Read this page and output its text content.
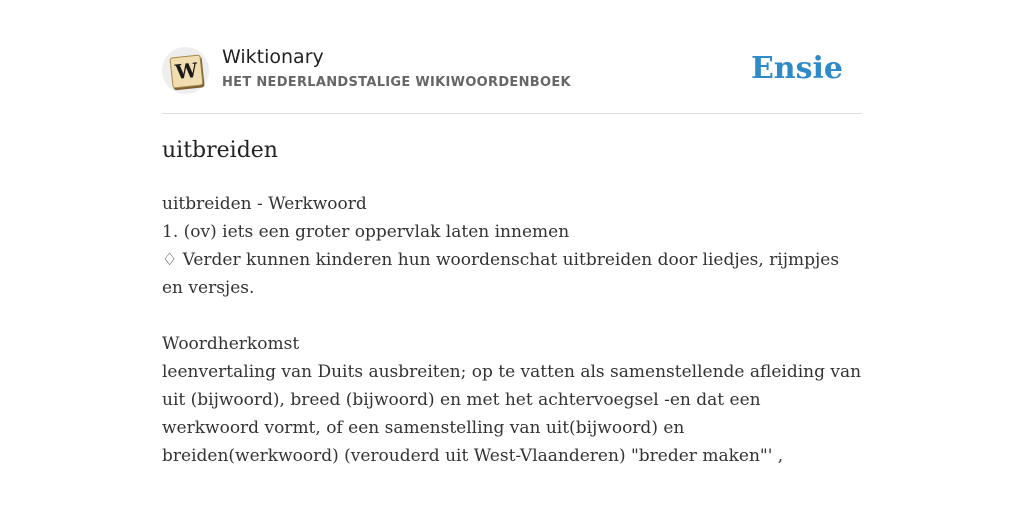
W
Wiktionary
HET NEDERLANDSTALIGE WIKIWOORDENBOEK	Ensie
uitbreiden
uitbreiden - Werkwoord
1. (ov) iets een groter oppervlak laten innemen
♢ Verder kunnen kinderen hun woordenschat uitbreiden door liedjes, rijmpjes en versjes.
Woordherkomst
leenvertaling van Duits ausbreiten; op te vatten als samenstellende afleiding van uit (bijwoord), breed (bijwoord) en met het achtervoegsel -en dat een werkwoord vormt, of een samenstelling van uit(bijwoord) en breiden(werkwoord) (verouderd uit West-Vlaanderen) "breder maken"' ,
